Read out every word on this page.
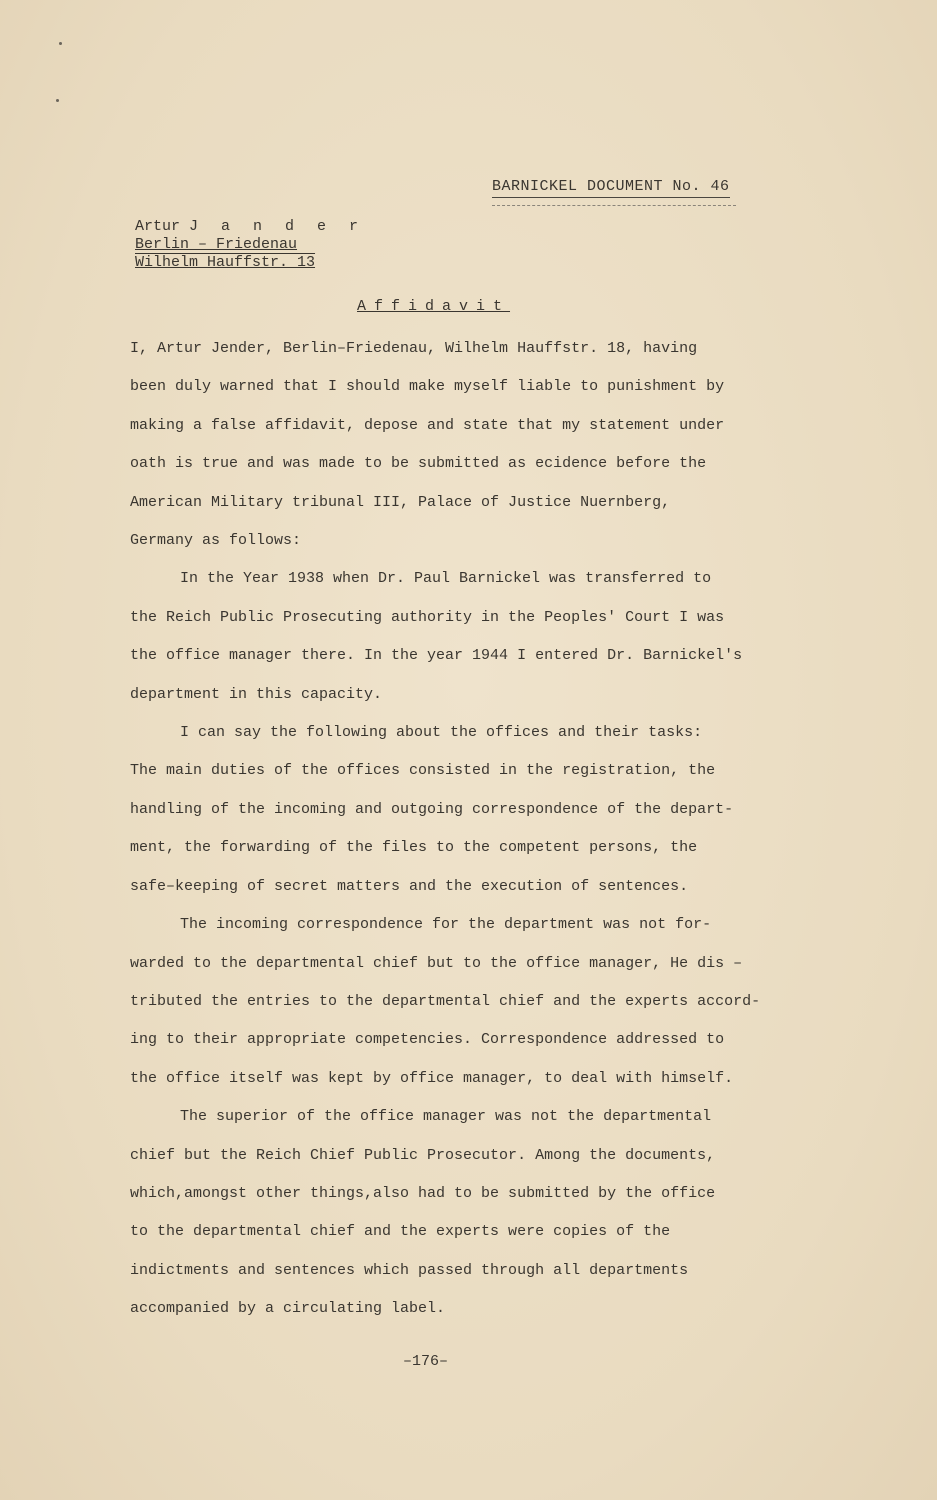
BARNICKEL DOCUMENT No. 46
Artur J a n d e r
Berlin – Friedenau
Wilhelm Hauffstr. 13
Affidavit

I, Artur Jender, Berlin–Friedenau, Wilhelm Hauffstr. 18, having
been duly warned that I should make myself liable to punishment by
making a false affidavit, depose and state that my statement under
oath is true and was made to be submitted as ecidence before the
American Military tribunal III, Palace of Justice Nuernberg,
Germany as follows:

In the Year 1938 when Dr. Paul Barnickel was transferred to
the Reich Public Prosecuting authority in the Peoples' Court I was
the office manager there. In the year 1944 I entered Dr. Barnickel's
department in this capacity.

I can say the following about the offices and their tasks:
The main duties of the offices consisted in the registration, the
handling of the incoming and outgoing correspondence of the depart-
ment, the forwarding of the files to the competent persons, the
safe–keeping of secret matters and the execution of sentences.

The incoming correspondence for the department was not for-
warded to the departmental chief but to the office manager, He dis –
tributed the entries to the departmental chief and the experts accord-
ing to their appropriate competencies. Correspondence addressed to
the office itself was kept by office manager, to deal with himself.

The superior of the office manager was not the departmental
chief but the Reich Chief Public Prosecutor. Among the documents,
which,amongst other things,also had to be submitted by the office
to the departmental chief and the experts were copies of the
indictments and sentences which passed through all departments
accompanied by a circulating label.

–176–
